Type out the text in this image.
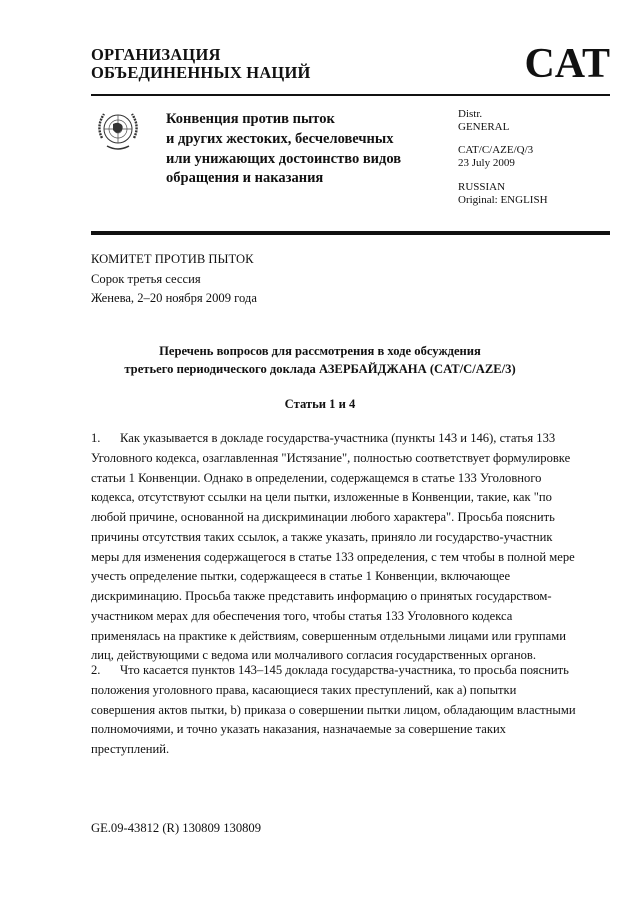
ОРГАНИЗАЦИЯ
ОБЪЕДИНЕННЫХ НАЦИЙ	CAT
Конвенция против пыток
и других жестоких, бесчеловечных
или унижающих достоинство видов
обращения и наказания
Distr.
GENERAL
CAT/C/AZE/Q/3
23 July 2009
RUSSIAN
Original: ENGLISH
КОМИТЕТ ПРОТИВ ПЫТОК
Сорок третья сессия
Женева, 2–20 ноября 2009 года
Перечень вопросов для рассмотрения в ходе обсуждения
третьего периодического доклада АЗЕРБАЙДЖАНА (CAT/C/AZE/3)
Статьи 1 и 4
1. Как указывается в докладе государства-участника (пункты 143 и 146), статья 133
Уголовного кодекса, озаглавленная "Истязание", полностью соответствует формулировке
статьи 1 Конвенции. Однако в определении, содержащемся в статье 133 Уголовного
кодекса, отсутствуют ссылки на цели пытки, изложенные в Конвенции, такие, как "по
любой причине, основанной на дискриминации любого характера". Просьба пояснить
причины отсутствия таких ссылок, а также указать, приняло ли государство-участник
меры для изменения содержащегося в статье 133 определения, с тем чтобы в полной мере
учесть определение пытки, содержащееся в статье 1 Конвенции, включающее
дискриминацию. Просьба также представить информацию о принятых государством-
участником мерах для обеспечения того, чтобы статья 133 Уголовного кодекса
применялась на практике к действиям, совершенным отдельными лицами или группами
лиц, действующими с ведома или молчаливого согласия государственных органов.
2. Что касается пунктов 143–145 доклада государства-участника, то просьба пояснить
положения уголовного права, касающиеся таких преступлений, как a) попытки
совершения актов пытки, b) приказа о совершении пытки лицом, обладающим властными
полномочиями, и точно указать наказания, назначаемые за совершение таких
преступлений.
GE.09-43812 (R) 130809 130809
